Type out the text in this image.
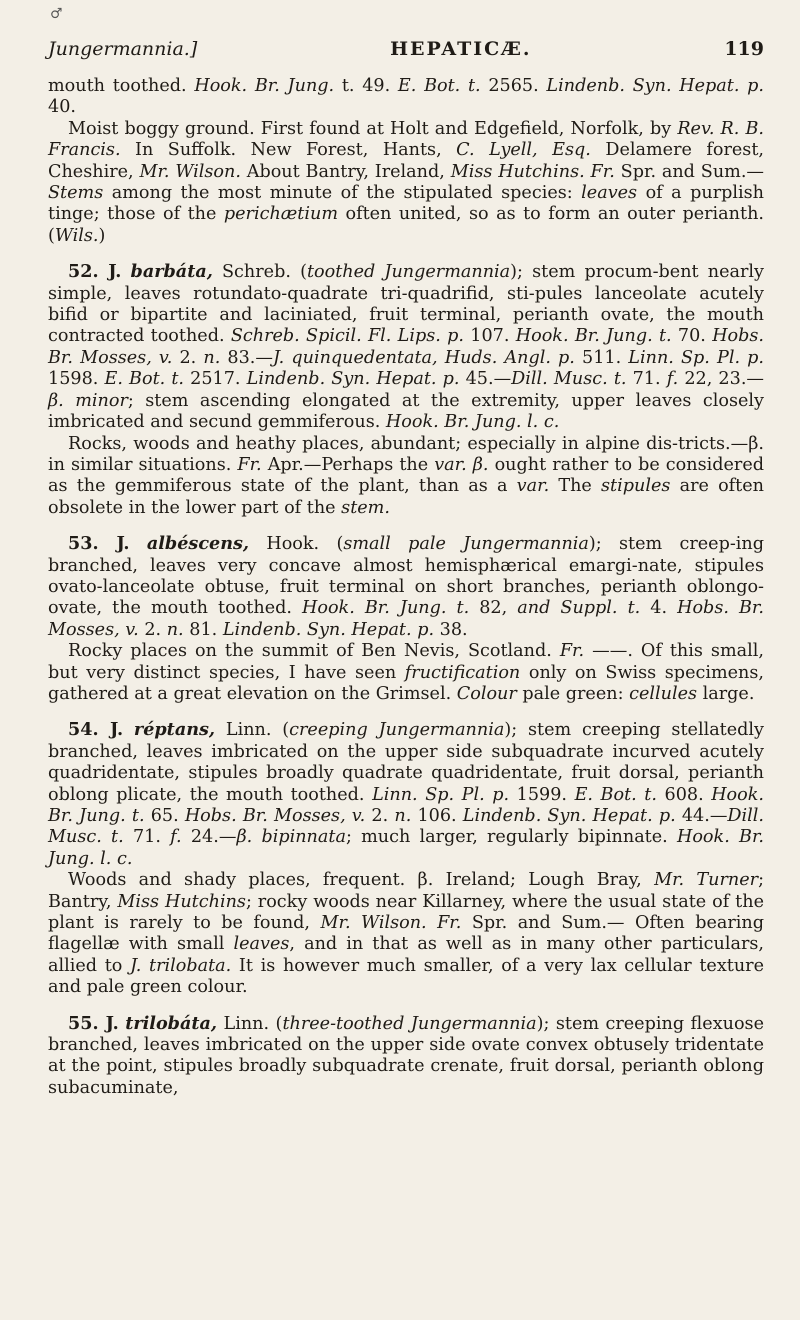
♂
Jungermannia.]	HEPATICÆ.	119

mouth toothed. Hook. Br. Jung. t. 49. E. Bot. t. 2565. Lindenb. Syn. Hepat. p. 40.

Moist boggy ground. First found at Holt and Edgefield, Norfolk, by Rev. R. B. Francis. In Suffolk. New Forest, Hants, C. Lyell, Esq. Delamere forest, Cheshire, Mr. Wilson. About Bantry, Ireland, Miss Hutchins. Fr. Spr. and Sum.—Stems among the most minute of the stipulated species: leaves of a purplish tinge; those of the perichætium often united, so as to form an outer perianth. (Wils.)

52. J. barbáta, Schreb. (toothed Jungermannia); stem procum-bent nearly simple, leaves rotundato-quadrate tri-quadrifid, sti-pules lanceolate acutely bifid or bipartite and laciniated, fruit terminal, perianth ovate, the mouth contracted toothed. Schreb. Spicil. Fl. Lips. p. 107. Hook. Br. Jung. t. 70. Hobs. Br. Mosses, v. 2. n. 83.—J. quinquedentata, Huds. Angl. p. 511. Linn. Sp. Pl. p. 1598. E. Bot. t. 2517. Lindenb. Syn. Hepat. p. 45.—Dill. Musc. t. 71. f. 22, 23.—β. minor; stem ascending elongated at the extremity, upper leaves closely imbricated and secund gemmiferous. Hook. Br. Jung. l. c.

Rocks, woods and heathy places, abundant; especially in alpine dis-tricts.—β. in similar situations. Fr. Apr.—Perhaps the var. β. ought rather to be considered as the gemmiferous state of the plant, than as a var. The stipules are often obsolete in the lower part of the stem.

53. J. albéscens, Hook. (small pale Jungermannia); stem creep-ing branched, leaves very concave almost hemisphærical emargi-nate, stipules ovato-lanceolate obtuse, fruit terminal on short branches, perianth oblongo-ovate, the mouth toothed. Hook. Br. Jung. t. 82, and Suppl. t. 4. Hobs. Br. Mosses, v. 2. n. 81. Lindenb. Syn. Hepat. p. 38.

Rocky places on the summit of Ben Nevis, Scotland. Fr. ——. Of this small, but very distinct species, I have seen fructification only on Swiss specimens, gathered at a great elevation on the Grimsel. Colour pale green: cellules large.

54. J. réptans, Linn. (creeping Jungermannia); stem creeping stellatedly branched, leaves imbricated on the upper side subquadrate incurved acutely quadridentate, stipules broadly quadrate quadridentate, fruit dorsal, perianth oblong plicate, the mouth toothed. Linn. Sp. Pl. p. 1599. E. Bot. t. 608. Hook. Br. Jung. t. 65. Hobs. Br. Mosses, v. 2. n. 106. Lindenb. Syn. Hepat. p. 44.—Dill. Musc. t. 71. f. 24.—β. bipinnata; much larger, regularly bipinnate. Hook. Br. Jung. l. c.

Woods and shady places, frequent. β. Ireland; Lough Bray, Mr. Turner; Bantry, Miss Hutchins; rocky woods near Killarney, where the usual state of the plant is rarely to be found, Mr. Wilson. Fr. Spr. and Sum.— Often bearing flagellæ with small leaves, and in that as well as in many other particulars, allied to J. trilobata. It is however much smaller, of a very lax cellular texture and pale green colour.

55. J. trilobáta, Linn. (three-toothed Jungermannia); stem creeping flexuose branched, leaves imbricated on the upper side ovate convex obtusely tridentate at the point, stipules broadly subquadrate crenate, fruit dorsal, perianth oblong subacuminate,
